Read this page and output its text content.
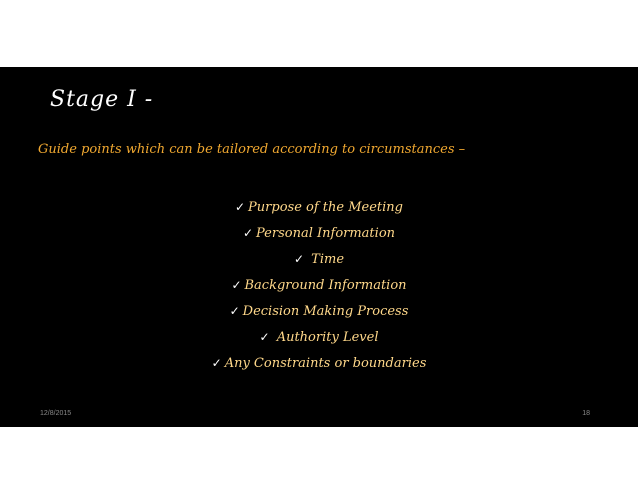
Stage I -
Guide points which can be tailored according to circumstances –
✓ Purpose of the Meeting
✓ Personal Information
✓ Time
✓ Background Information
✓ Decision Making Process
✓ Authority Level
✓ Any Constraints or boundaries
12/8/2015	18
